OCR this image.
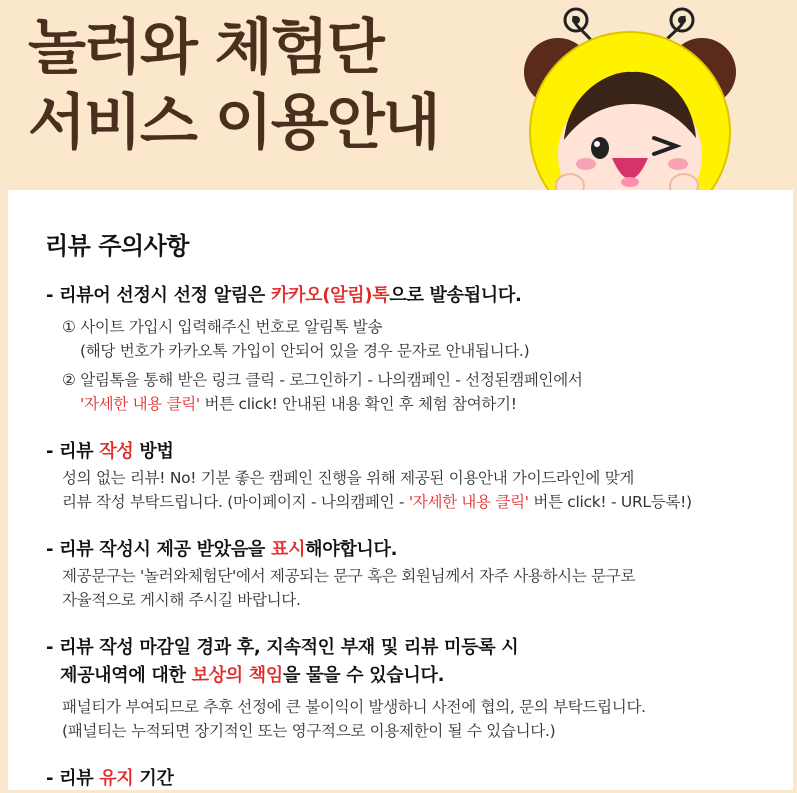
놀러와 체험단
서비스 이용안내
리뷰 주의사항
- 리뷰어 선정시 선정 알림은 카카오(알림)톡으로 발송됩니다.
① 사이트 가입시 입력해주신 번호로 알림톡 발송
(해당 번호가 카카오톡 가입이 안되어 있을 경우 문자로 안내됩니다.)
② 알림톡을 통해 받은 링크 클릭 - 로그인하기 - 나의캠페인 - 선정된캠페인에서
'자세한 내용 클릭' 버튼 click! 안내된 내용 확인 후 체험 참여하기!
- 리뷰 작성 방법
성의 없는 리뷰! No! 기분 좋은 캠페인 진행을 위해 제공된 이용안내 가이드라인에 맞게
리뷰 작성 부탁드립니다. (마이페이지 - 나의캠페인 - '자세한 내용 클릭' 버튼 click! - URL등록!)
- 리뷰 작성시 제공 받았음을 표시해야합니다.
제공문구는 '놀러와체험단'에서 제공되는 문구 혹은 회원님께서 자주 사용하시는 문구로
자율적으로 게시해 주시길 바랍니다.
- 리뷰 작성 마감일 경과 후, 지속적인 부재 및 리뷰 미등록 시
제공내역에 대한 보상의 책임을 물을 수 있습니다.
패널티가 부여되므로 추후 선정에 큰 불이익이 발생하니 사전에 협의, 문의 부탁드립니다.
(패널티는 누적되면 장기적인 또는 영구적으로 이용제한이 될 수 있습니다.)
- 리뷰 유지 기간
